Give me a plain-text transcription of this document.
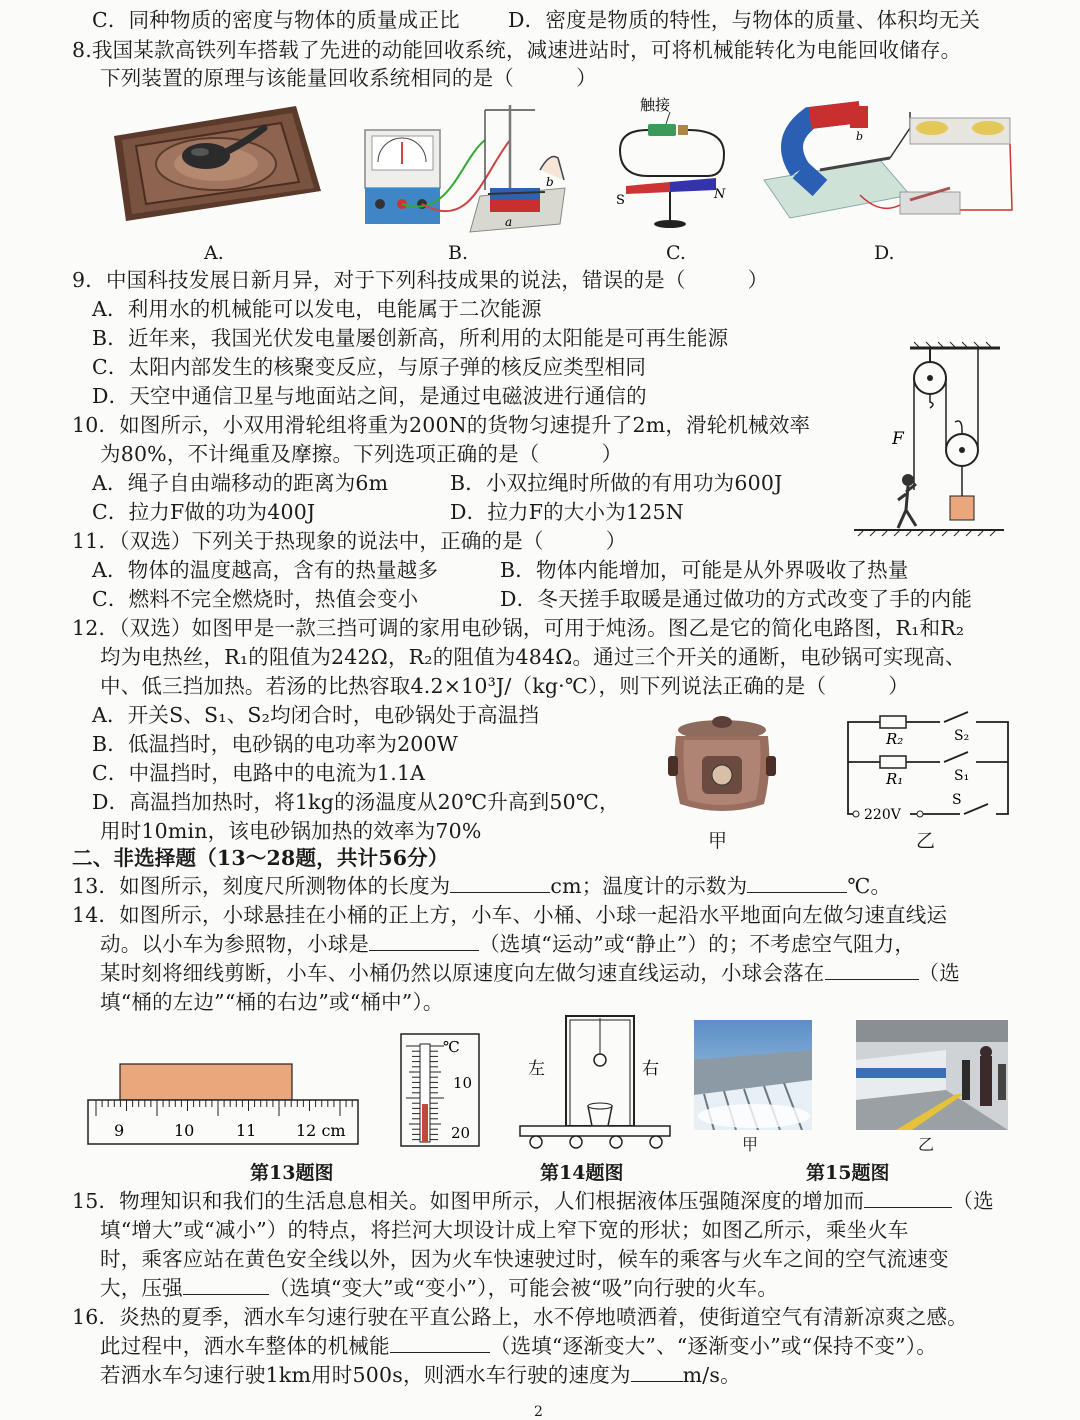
C．同种物质的密度与物体的质量成正比 D．密度是物质的特性，与物体的质量、体积均无关
8.我国某款高铁列车搭载了先进的动能回收系统，减速进站时，可将机械能转化为电能回收储存。
下列装置的原理与该能量回收系统相同的是（　　　）
A.
a
b
B.
触接
S	N
C.
b
D.
9．中国科技发展日新月异，对于下列科技成果的说法，错误的是（　　　）
A．利用水的机械能可以发电，电能属于二次能源
B．近年来，我国光伏发电量屡创新高，所利用的太阳能是可再生能源
C．太阳内部发生的核聚变反应，与原子弹的核反应类型相同
D．天空中通信卫星与地面站之间，是通过电磁波进行通信的
10．如图所示，小双用滑轮组将重为200N的货物匀速提升了2m，滑轮机械效率
为80%，不计绳重及摩擦。下列选项正确的是（　　　）
A．绳子自由端移动的距离为6m	B．小双拉绳时所做的有用功为600J
C．拉力F做的功为400J	D．拉力F的大小为125N
F
11．（双选）下列关于热现象的说法中，正确的是（　　　）
A．物体的温度越高，含有的热量越多	B．物体内能增加，可能是从外界吸收了热量
C．燃料不完全燃烧时，热值会变小	D．冬天搓手取暖是通过做功的方式改变了手的内能
12．（双选）如图甲是一款三挡可调的家用电砂锅，可用于炖汤。图乙是它的简化电路图，R₁和R₂
均为电热丝，R₁的阻值为242Ω，R₂的阻值为484Ω。通过三个开关的通断，电砂锅可实现高、
中、低三挡加热。若汤的比热容取4.2×10³J/（kg·℃），则下列说法正确的是（　　　）
A．开关S、S₁、S₂均闭合时，电砂锅处于高温挡
B．低温挡时，电砂锅的电功率为200W
C．中温挡时，电路中的电流为1.1A
D．高温挡加热时，将1kg的汤温度从20℃升高到50℃，
用时10min，该电砂锅加热的效率为70%	甲
R₂
R₁
S₂
S₁
S
220V
乙
二、非选择题（13～28题，共计56分）
13．如图所示，刻度尺所测物体的长度为	cm；温度计的示数为	℃。
14．如图所示，小球悬挂在小桶的正上方，小车、小桶、小球一起沿水平地面向左做匀速直线运
动。以小车为参照物，小球是	（选填“运动”或“静止”）的；不考虑空气阻力，
某时刻将细线剪断，小车、小桶仍然以原速度向左做匀速直线运动，小球会落在	（选
填“桶的左边”“桶的右边”或“桶中”）。
9	10	11 12 cm
℃
10
20
第13题图
左	右
第14题图
甲	乙
第15题图
15．物理知识和我们的生活息息相关。如图甲所示，人们根据液体压强随深度的增加而	（选
填“增大”或“减小”）的特点，将拦河大坝设计成上窄下宽的形状；如图乙所示，乘坐火车
时，乘客应站在黄色安全线以外，因为火车快速驶过时，候车的乘客与火车之间的空气流速变
大，压强	（选填“变大”或“变小”），可能会被“吸”向行驶的火车。
16．炎热的夏季，洒水车匀速行驶在平直公路上，水不停地喷洒着，使街道空气有清新凉爽之感。
此过程中，洒水车整体的机械能	（选填“逐渐变大”、“逐渐变小”或“保持不变”）。
若洒水车匀速行驶1km用时500s，则洒水车行驶的速度为	m/s。
2
